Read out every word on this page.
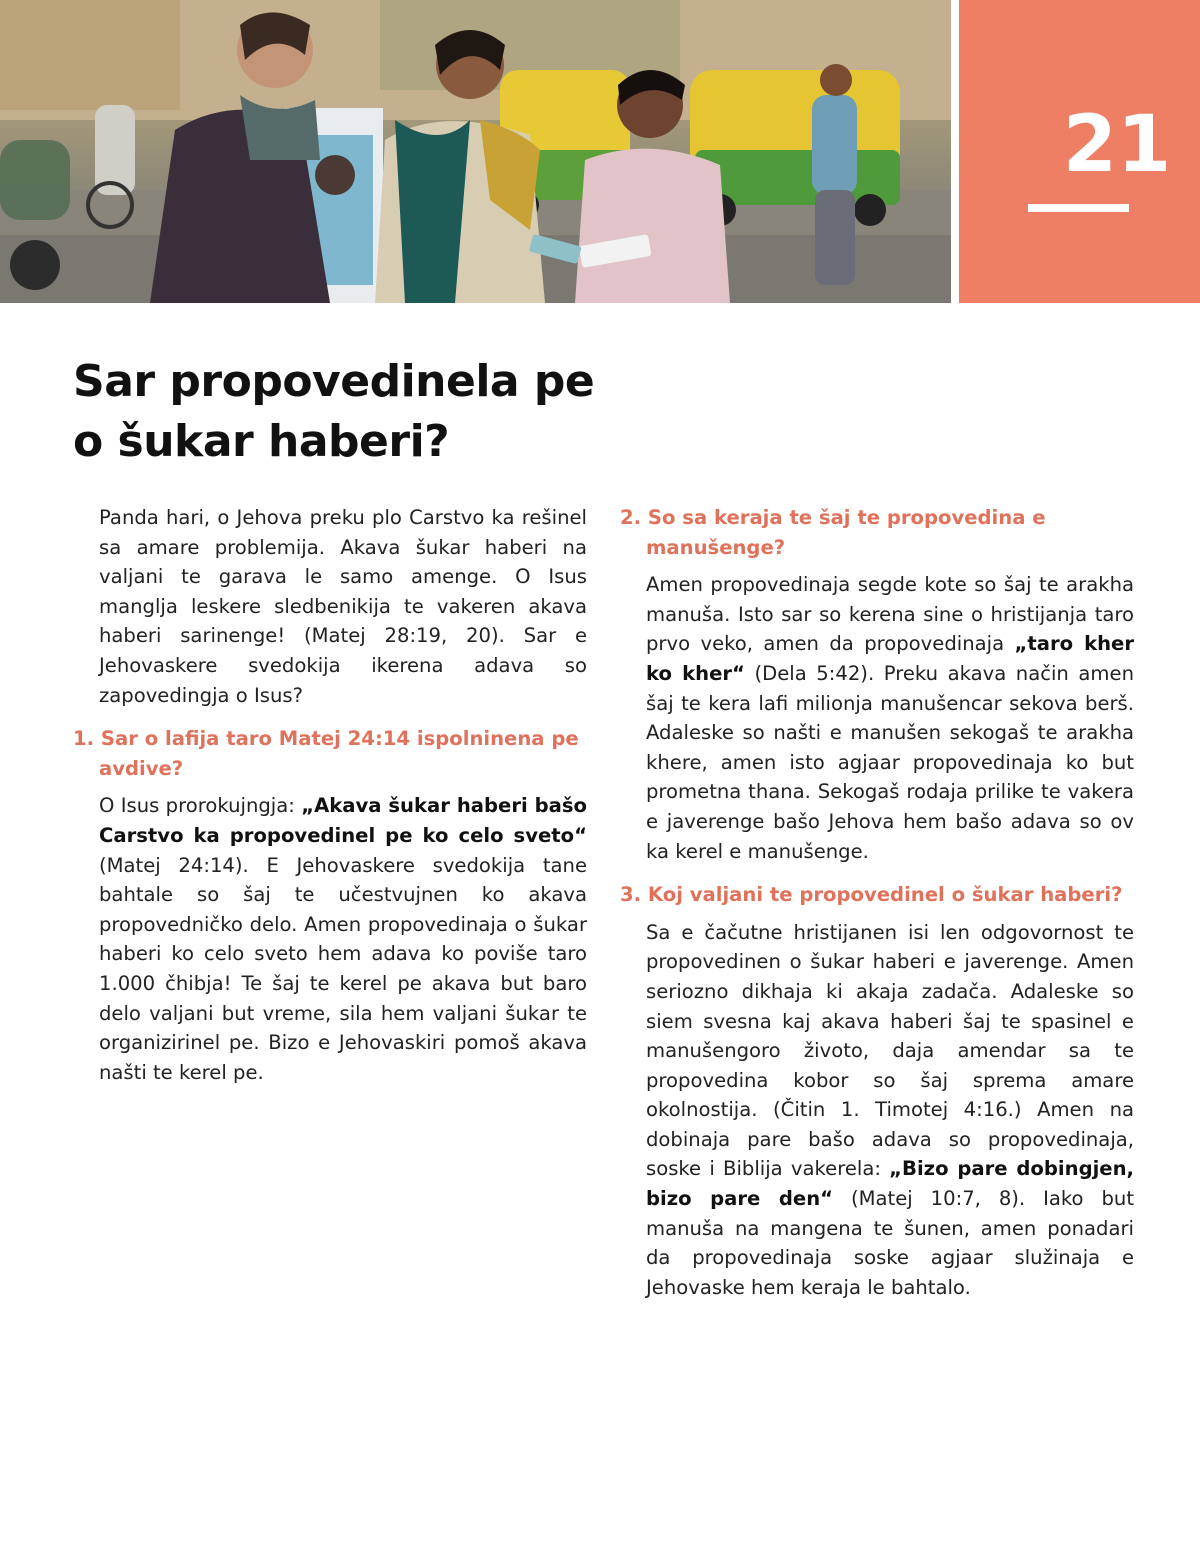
21
Sar propovedinela pe
o šukar haberi?

Panda hari, o Jehova preku plo Carstvo ka rešinel sa amare problemija. Akava šukar haberi na valjani te garava le samo amenge. O Isus manglja leskere sledbenikija te vakeren akava haberi sarinenge! (Matej 28:19, 20). Sar e Jehovaskere svedokija ikerena adava so zapovedingja o Isus?

1. Sar o lafija taro Matej 24:14 ispolninena pe avdive?

O Isus prorokujngja: „Akava šukar haberi bašo Carstvo ka propovedinel pe ko celo sveto“ (Matej 24:14). E Jehovaskere svedokija tane bahtale so šaj te učestvujnen ko akava propovedničko delo. Amen propovedinaja o šukar haberi ko celo sveto hem adava ko poviše taro 1.000 čhibja! Te šaj te kerel pe akava but baro delo valjani but vreme, sila hem valjani šukar te organizirinel pe. Bizo e Jehovaskiri pomoš akava našti te kerel pe.

2. So sa keraja te šaj te propovedina e manušenge?

Amen propovedinaja segde kote so šaj te arakha manuša. Isto sar so kerena sine o hristijanja taro prvo veko, amen da propovedinaja „taro kher ko kher“ (Dela 5:42). Preku akava način amen šaj te kera lafi milionja manušencar sekova berš. Adaleske so našti e manušen sekogaš te arakha khere, amen isto agjaar propovedinaja ko but prometna thana. Sekogaš rodaja prilike te vakera e javerenge bašo Jehova hem bašo adava so ov ka kerel e manušenge.

3. Koj valjani te propovedinel o šukar haberi?

Sa e čačutne hristijanen isi len odgovornost te propovedinen o šukar haberi e javerenge. Amen seriozno dikhaja ki akaja zadača. Adaleske so siem svesna kaj akava haberi šaj te spasinel e manušengoro životo, daja amendar sa te propovedina kobor so šaj sprema amare okolnostija. (Čitin 1. Timotej 4:16.) Amen na dobinaja pare bašo adava so propovedinaja, soske i Biblija vakerela: „Bizo pare dobingjen, bizo pare den“ (Matej 10:7, 8). Iako but manuša na mangena te šunen, amen ponadari da propovedinaja soske agjaar služinaja e Jehovaske hem keraja le bahtalo.
